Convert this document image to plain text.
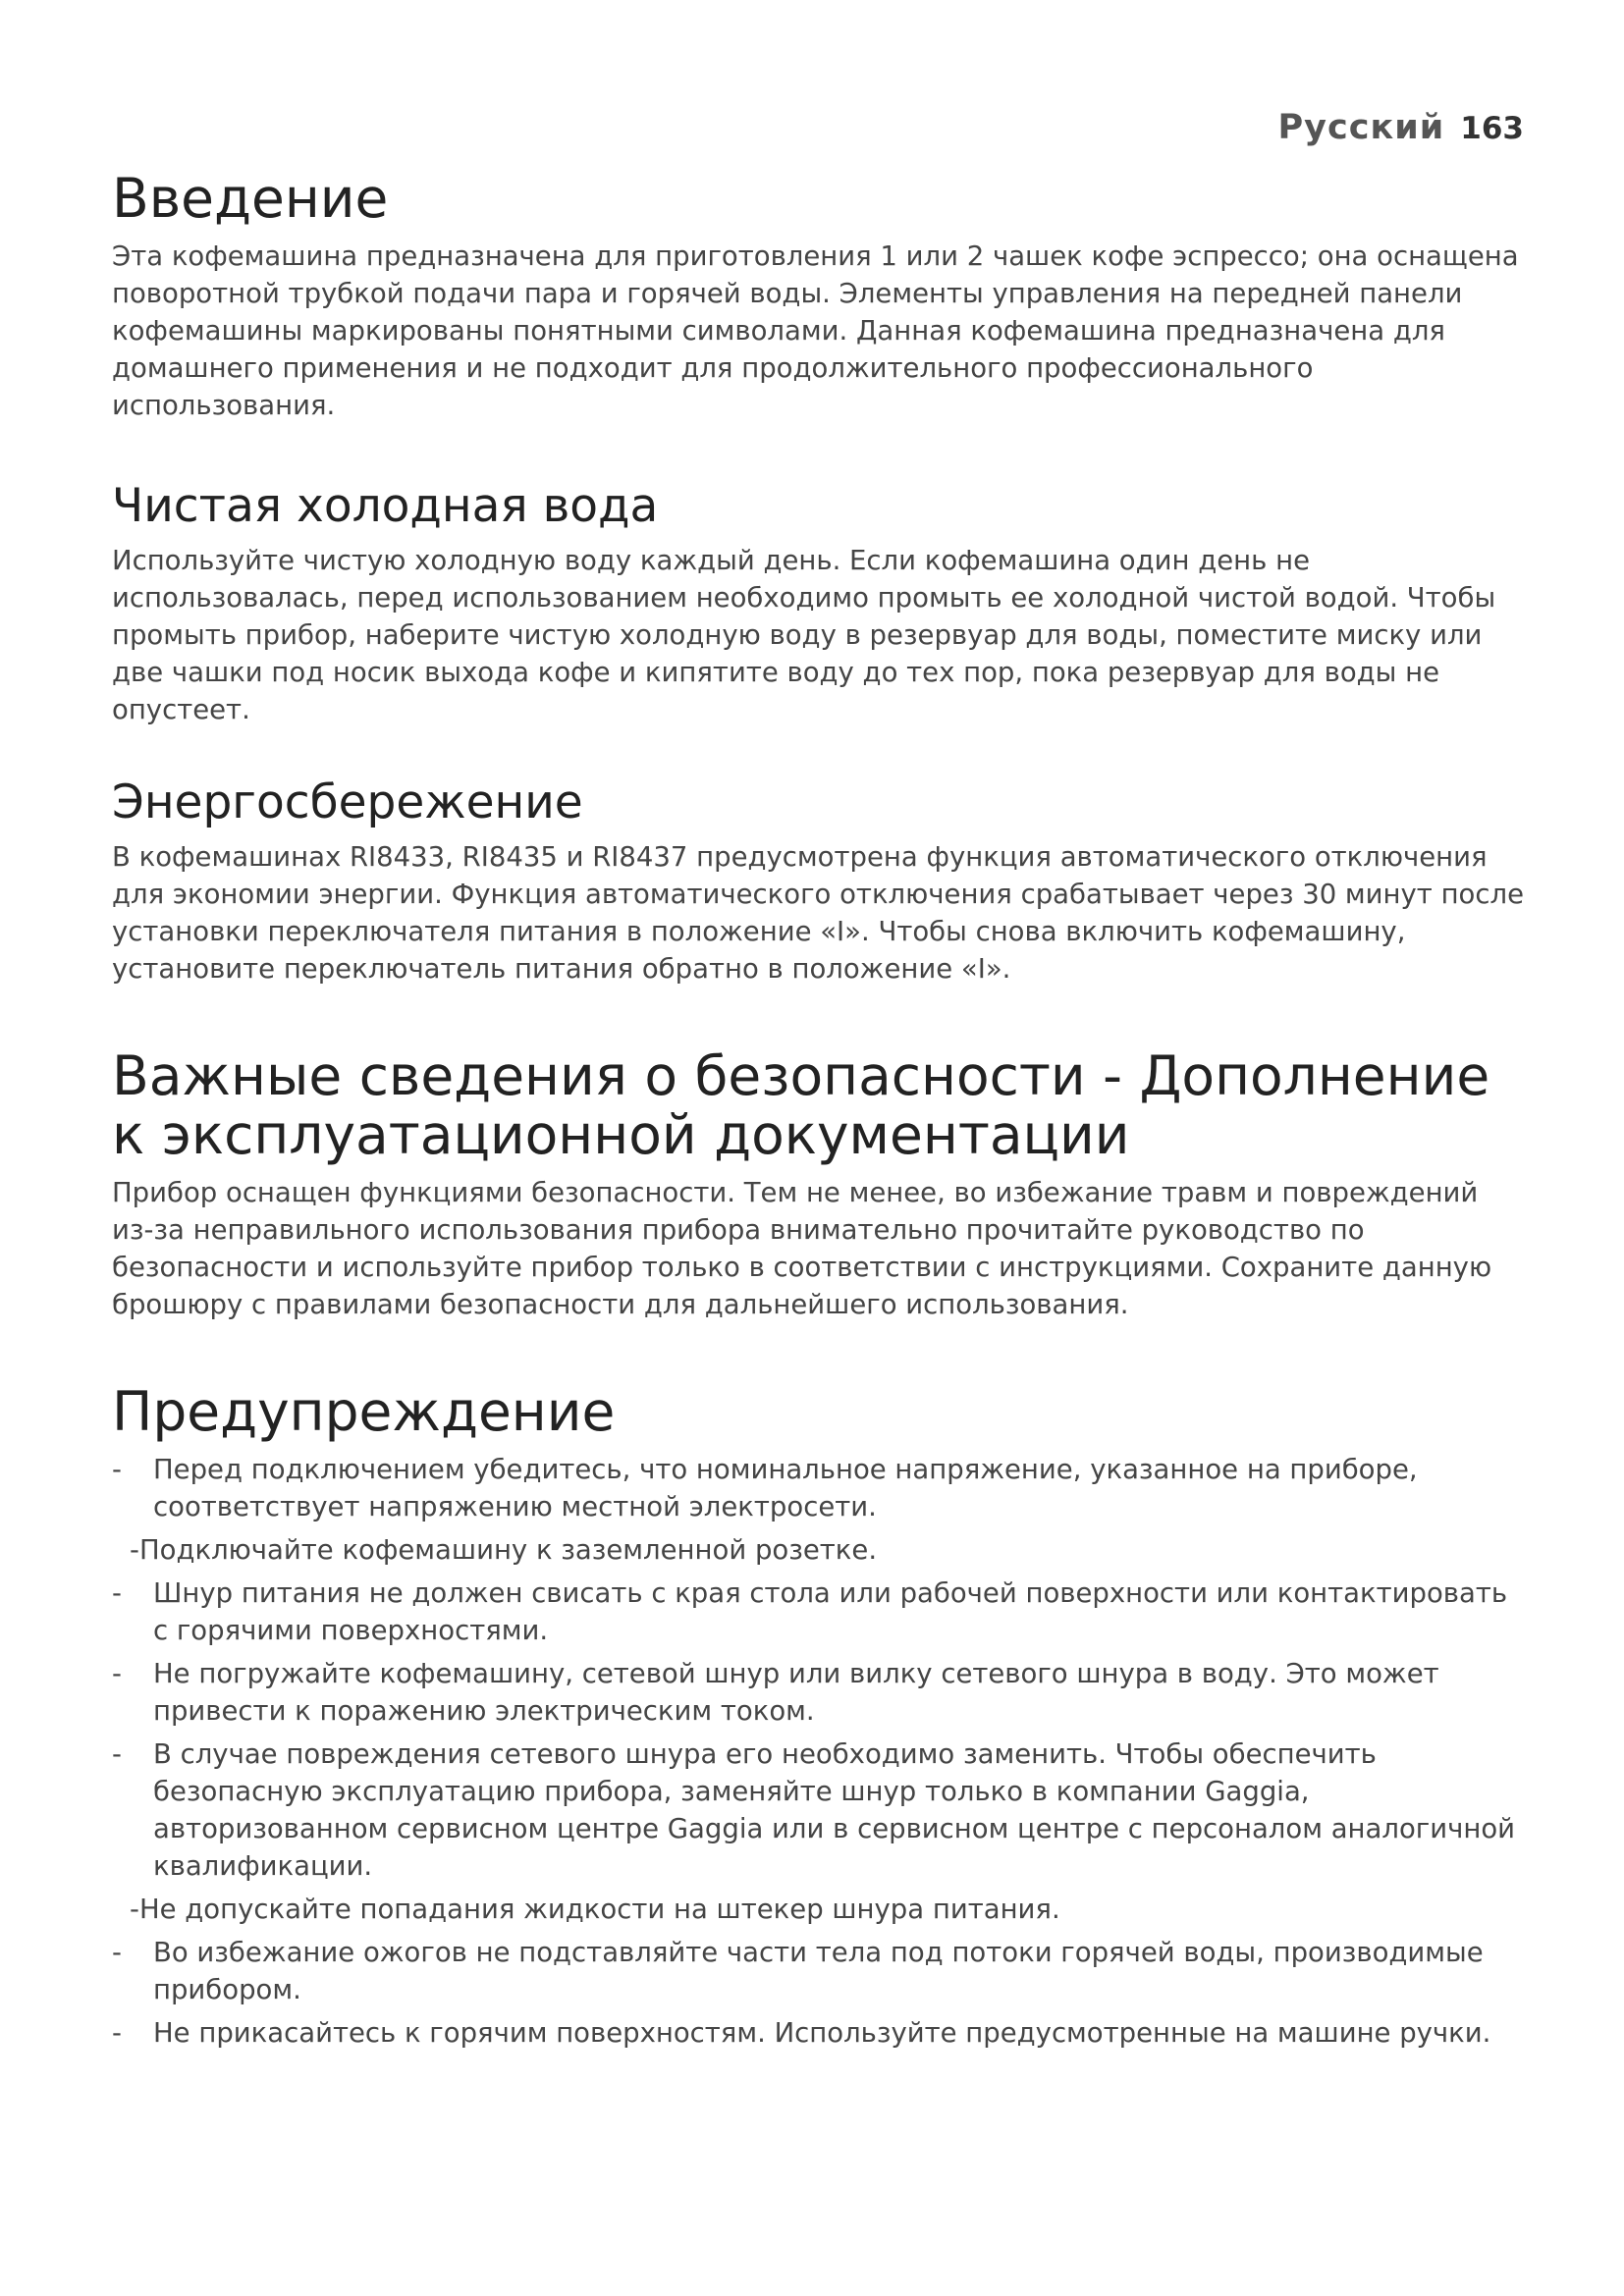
Русский 163
Введение

Эта кофемашина предназначена для приготовления 1 или 2 чашек кофе эспрессо; она оснащена поворотной трубкой подачи пара и горячей воды. Элементы управления на передней панели кофемашины маркированы понятными символами. Данная кофемашина предназначена для домашнего применения и не подходит для продолжительного профессионального использования.

Чистая холодная вода

Используйте чистую холодную воду каждый день. Если кофемашина один день не использовалась, перед использованием необходимо промыть ее холодной чистой водой. Чтобы промыть прибор, наберите чистую холодную воду в резервуар для воды, поместите миску или две чашки под носик выхода кофе и кипятите воду до тех пор, пока резервуар для воды не опустеет.

Энергосбережение

В кофемашинах RI8433, RI8435 и RI8437 предусмотрена функция автоматического отключения для экономии энергии. Функция автоматического отключения срабатывает через 30 минут после установки переключателя питания в положение «I». Чтобы снова включить кофемашину, установите переключатель питания обратно в положение «I».

Важные сведения о безопасности - Дополнение к эксплуатационной документации

Прибор оснащен функциями безопасности. Тем не менее, во избежание травм и повреждений из-за неправильного использования прибора внимательно прочитайте руководство по безопасности и используйте прибор только в соответствии с инструкциями. Сохраните данную брошюру с правилами безопасности для дальнейшего использования.

Предупреждение
-	Перед подключением убедитесь, что номинальное напряжение, указанное на приборе, соответствует напряжению местной электросети.
- Подключайте кофемашину к заземленной розетке.
-	Шнур питания не должен свисать с края стола или рабочей поверхности или контактировать с горячими поверхностями.
-	Не погружайте кофемашину, сетевой шнур или вилку сетевого шнура в воду. Это может привести к поражению электрическим током.
-	В случае повреждения сетевого шнура его необходимо заменить. Чтобы обеспечить безопасную эксплуатацию прибора, заменяйте шнур только в компании Gaggia, авторизованном сервисном центре Gaggia или в сервисном центре с персоналом аналогичной квалификации.
- Не допускайте попадания жидкости на штекер шнура питания.
-	Во избежание ожогов не подставляйте части тела под потоки горячей воды, производимые прибором.
-	Не прикасайтесь к горячим поверхностям. Используйте предусмотренные на машине ручки.
